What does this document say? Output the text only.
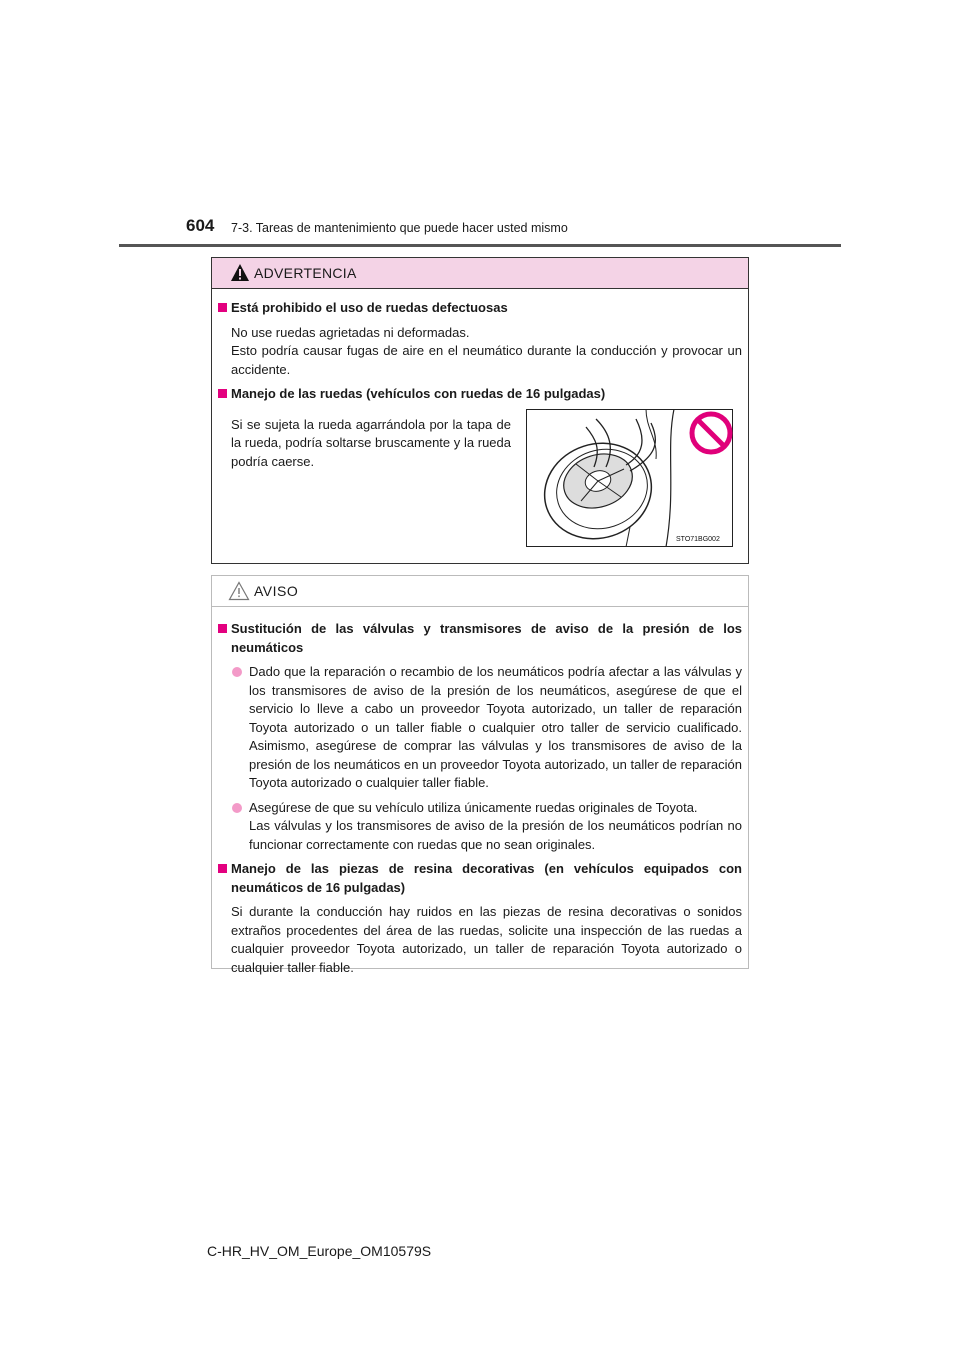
604 7-3. Tareas de mantenimiento que puede hacer usted mismo
ADVERTENCIA
Está prohibido el uso de ruedas defectuosas
No use ruedas agrietadas ni deformadas.
Esto podría causar fugas de aire en el neumático durante la conducción y provocar un accidente.
Manejo de las ruedas (vehículos con ruedas de 16 pulgadas)
Si se sujeta la rueda agarrándola por la tapa de la rueda, podría soltarse bruscamente y la rueda podría caerse.
STO71BG002
AVISO
Sustitución de las válvulas y transmisores de aviso de la presión de los neumáticos
Dado que la reparación o recambio de los neumáticos podría afectar a las válvulas y los transmisores de aviso de la presión de los neumáticos, asegúrese de que el servicio lo lleve a cabo un proveedor Toyota autorizado, un taller de reparación Toyota autorizado o un taller fiable o cualquier otro taller de servicio cualificado. Asimismo, asegúrese de comprar las válvulas y los transmisores de aviso de la presión de los neumáticos en un proveedor Toyota autorizado, un taller de reparación Toyota autorizado o cualquier taller fiable.
Asegúrese de que su vehículo utiliza únicamente ruedas originales de Toyota.
Las válvulas y los transmisores de aviso de la presión de los neumáticos podrían no funcionar correctamente con ruedas que no sean originales.
Manejo de las piezas de resina decorativas (en vehículos equipados con neumáticos de 16 pulgadas)
Si durante la conducción hay ruidos en las piezas de resina decorativas o sonidos extraños procedentes del área de las ruedas, solicite una inspección de las ruedas a cualquier proveedor Toyota autorizado, un taller de reparación Toyota autorizado o cualquier taller fiable.
C-HR_HV_OM_Europe_OM10579S
